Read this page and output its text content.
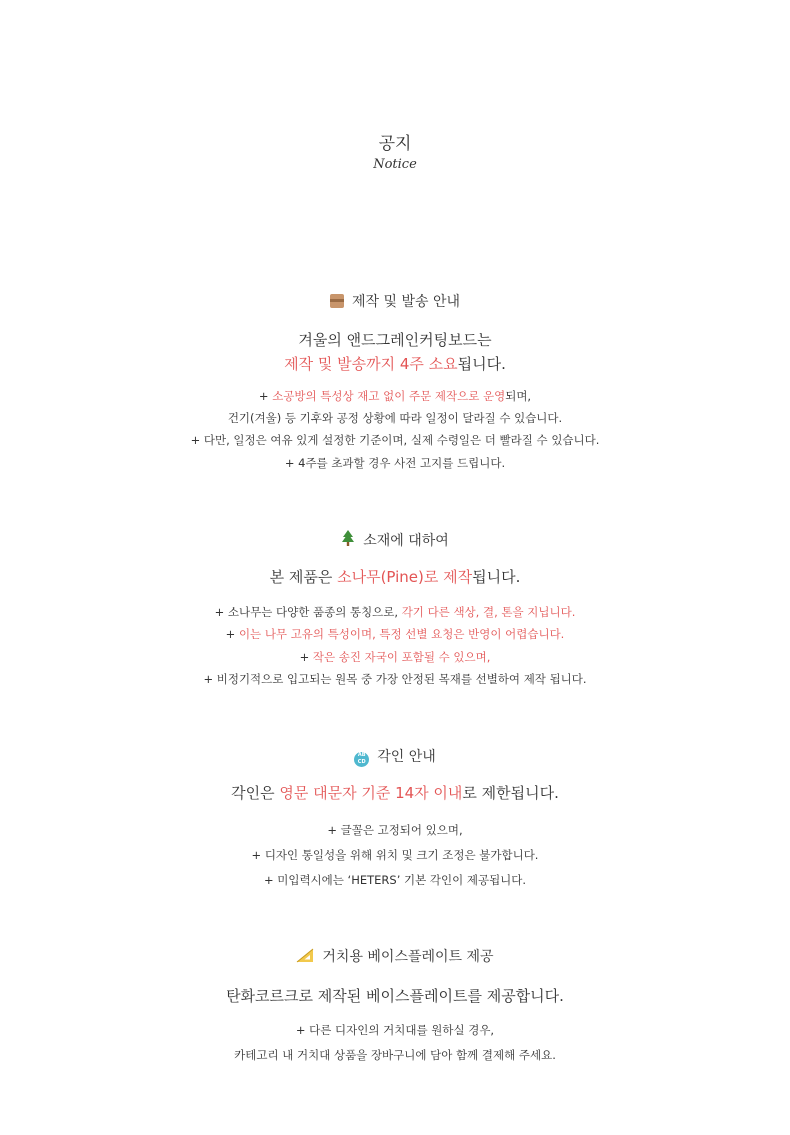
공지
Notice
제작 및 발송 안내
겨울의 앤드그레인커팅보드는
제작 및 발송까지 4주 소요됩니다.
+ 소공방의 특성상 재고 없이 주문 제작으로 운영되며,
건기(겨울) 등 기후와 공정 상황에 따라 일정이 달라질 수 있습니다.
+ 다만, 일정은 여유 있게 설정한 기준이며, 실제 수령일은 더 빨라질 수 있습니다.
+ 4주를 초과할 경우 사전 고지를 드립니다.
소재에 대하여
본 제품은 소나무(Pine)로 제작됩니다.
+ 소나무는 다양한 품종의 통칭으로, 각기 다른 색상, 결, 톤을 지닙니다.
+ 이는 나무 고유의 특성이며, 특정 선별 요청은 반영이 어렵습니다.
+ 작은 송진 자국이 포함될 수 있으며,
+ 비정기적으로 입고되는 원목 중 가장 안정된 목재를 선별하여 제작 됩니다.
AB
CD 각인 안내
각인은 영문 대문자 기준 14자 이내로 제한됩니다.
+ 글꼴은 고정되어 있으며,
+ 디자인 통일성을 위해 위치 및 크기 조정은 불가합니다.
+ 미입력시에는 ‘HETERS’ 기본 각인이 제공됩니다.
거치용 베이스플레이트 제공
탄화코르크로 제작된 베이스플레이트를 제공합니다.
+ 다른 디자인의 거치대를 원하실 경우,
카테고리 내 거치대 상품을 장바구니에 담아 함께 결제해 주세요.
